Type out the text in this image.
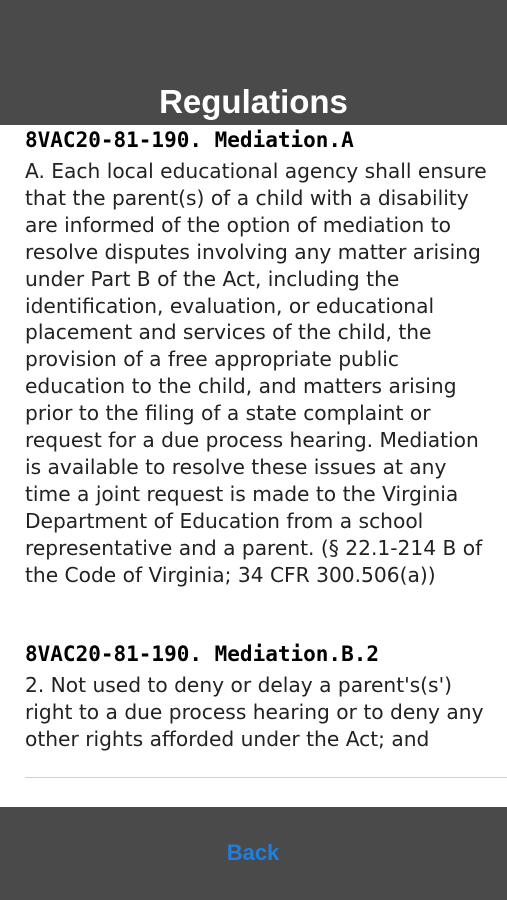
Regulations
8VAC20-81-190. Mediation.A
A. Each local educational agency shall ensure that the parent(s) of a child with a disability are informed of the option of mediation to resolve disputes involving any matter arising under Part B of the Act, including the identification, evaluation, or educational placement and services of the child, the provision of a free appropriate public education to the child, and matters arising prior to the filing of a state complaint or request for a due process hearing. Mediation is available to resolve these issues at any time a joint request is made to the Virginia Department of Education from a school representative and a parent. (§ 22.1-214 B of the Code of Virginia; 34 CFR 300.506(a))
8VAC20-81-190. Mediation.B.2
2. Not used to deny or delay a parent's(s') right to a due process hearing or to deny any other rights afforded under the Act; and
Back
